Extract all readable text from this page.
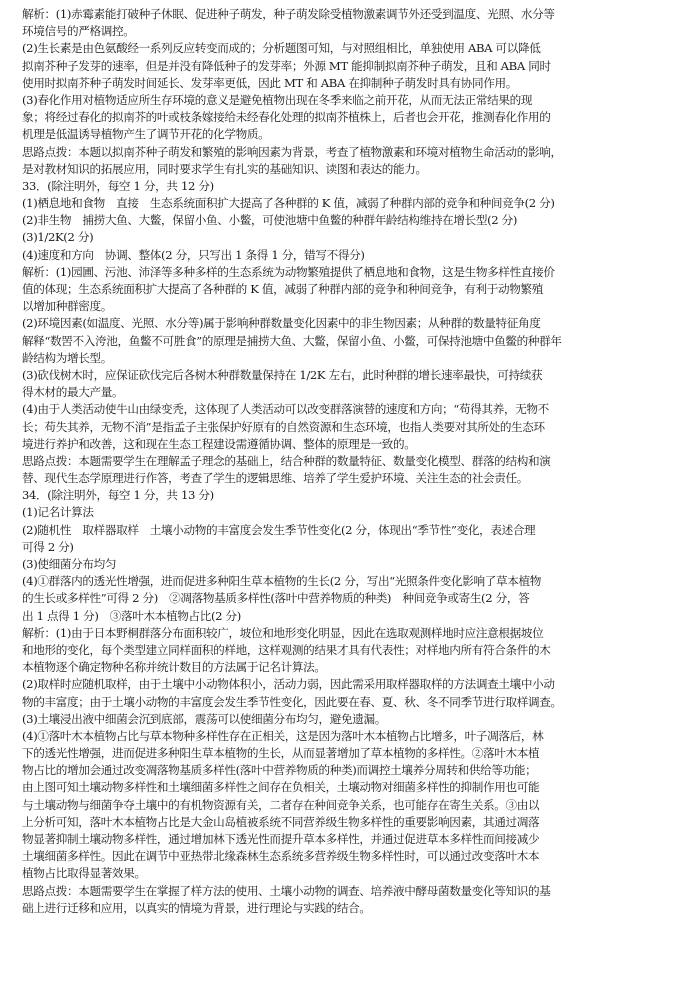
解析：(1)赤霉素能打破种子休眠、促进种子萌发，种子萌发除受植物激素调节外还受到温度、光照、水分等
环境信号的严格调控。
(2)生长素是由色氨酸经一系列反应转变而成的；分析题图可知，与对照组相比，单独使用 ABA 可以降低
拟南芥种子发芽的速率，但是并没有降低种子的发芽率；外源 MT 能抑制拟南芥种子萌发，且和 ABA 同时
使用时拟南芥种子萌发时间延长、发芽率更低，因此 MT 和 ABA 在抑制种子萌发时具有协同作用。
(3)春化作用对植物适应所生存环境的意义是避免植物出现在冬季来临之前开花，从而无法正常结果的现
象；将经过春化的拟南芥的叶或枝条嫁接给未经春化处理的拟南芥植株上，后者也会开花，推测春化作用的
机理是低温诱导植物产生了调节开花的化学物质。
思路点拨：本题以拟南芥种子萌发和繁殖的影响因素为背景，考查了植物激素和环境对植物生命活动的影响，
是对教材知识的拓展应用，同时要求学生有扎实的基础知识、读图和表达的能力。
33．(除注明外，每空 1 分，共 12 分)
(1)栖息地和食物　直接　生态系统面积扩大提高了各种群的 K 值，减弱了种群内部的竞争和种间竞争(2 分)
(2)非生物　捕捞大鱼、大鳖，保留小鱼、小鳖，可使池塘中鱼鳖的种群年龄结构维持在增长型(2 分)
(3)1/2K(2 分)
(4)速度和方向　协调、整体(2 分，只写出 1 条得 1 分，错写不得分)
解析：(1)园圃、污池、沛泽等多种多样的生态系统为动物繁殖提供了栖息地和食物，这是生物多样性直接价
值的体现；生态系统面积扩大提高了各种群的 K 值，减弱了种群内部的竞争和种间竞争，有利于动物繁殖
以增加种群密度。
(2)环境因素(如温度、光照、水分等)属于影响种群数量变化因素中的非生物因素；从种群的数量特征角度
解释“数罟不入洿池，鱼鳖不可胜食”的原理是捕捞大鱼、大鳖，保留小鱼、小鳖，可保持池塘中鱼鳖的种群年
龄结构为增长型。
(3)砍伐树木时，应保证砍伐完后各树木种群数量保持在 1/2K 左右，此时种群的增长速率最快，可持续获
得木材的最大产量。
(4)由于人类活动使牛山由绿变秃，这体现了人类活动可以改变群落演替的速度和方向；“苟得其养，无物不
长；苟失其养，无物不消”是指孟子主张保护好原有的自然资源和生态环境，也指人类要对其所处的生态环
境进行养护和改善，这和现在生态工程建设需遵循协调、整体的原理是一致的。
思路点拨：本题需要学生在理解孟子理念的基础上，结合种群的数量特征、数量变化模型、群落的结构和演
替、现代生态学原理进行作答，考查了学生的逻辑思维、培养了学生爱护环境、关注生态的社会责任。
34．(除注明外，每空 1 分，共 13 分)
(1)记名计算法
(2)随机性　取样器取样　土壤小动物的丰富度会发生季节性变化(2 分，体现出“季节性”变化，表述合理
可得 2 分)
(3)使细菌分布均匀
(4)①群落内的透光性增强，进而促进多种阳生草本植物的生长(2 分，写出“光照条件变化影响了草本植物
的生长或多样性”可得 2 分)　②凋落物基质多样性(落叶中营养物质的种类)　种间竞争或寄生(2 分，答
出 1 点得 1 分)　③落叶木本植物占比(2 分)
解析：(1)由于日本野桐群落分布面积较广，坡位和地形变化明显，因此在选取观测样地时应注意根据坡位
和地形的变化，每个类型建立同样面积的样地，这样观测的结果才具有代表性；对样地内所有符合条件的木
本植物逐个确定物种名称并统计数目的方法属于记名计算法。
(2)取样时应随机取样，由于土壤中小动物体积小，活动力弱，因此需采用取样器取样的方法调查土壤中小动
物的丰富度；由于土壤小动物的丰富度会发生季节性变化，因此要在春、夏、秋、冬不同季节进行取样调查。
(3)土壤浸出液中细菌会沉到底部，震荡可以使细菌分布均匀，避免遗漏。
(4)①落叶木本植物占比与草本物种多样性存在正相关，这是因为落叶木本植物占比增多，叶子凋落后，林
下的透光性增强，进而促进多种阳生草本植物的生长，从而显著增加了草本植物的多样性。②落叶木本植
物占比的增加会通过改变凋落物基质多样性(落叶中营养物质的种类)而调控土壤养分周转和供给等功能；
由上图可知土壤动物多样性和土壤细菌多样性之间存在负相关，土壤动物对细菌多样性的抑制作用也可能
与土壤动物与细菌争夺土壤中的有机物资源有关，二者存在种间竞争关系，也可能存在寄生关系。③由以
上分析可知，落叶木本植物占比是大金山岛植被系统不同营养级生物多样性的重要影响因素，其通过凋落
物显著抑制土壤动物多样性，通过增加林下透光性而提升草本多样性，并通过促进草本多样性而间接减少
土壤细菌多样性。因此在调节中亚热带北缘森林生态系统多营养级生物多样性时，可以通过改变落叶木本
植物占比取得显著效果。
思路点拨：本题需要学生在掌握了样方法的使用、土壤小动物的调查、培养液中酵母菌数量变化等知识的基
础上进行迁移和应用，以真实的情境为背景，进行理论与实践的结合。
